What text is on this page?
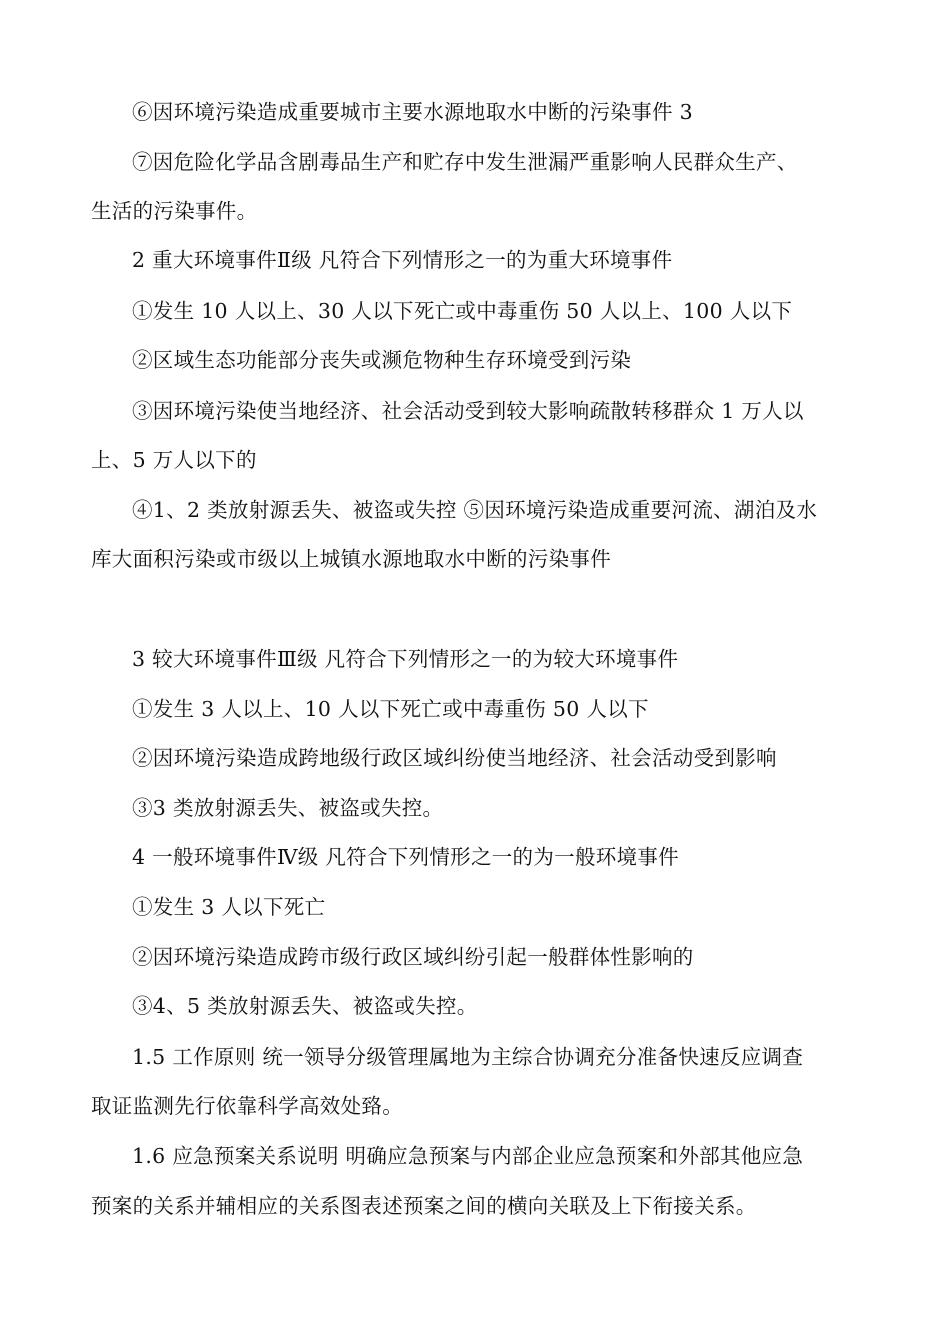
⑥因环境污染造成重要城市主要水源地取水中断的污染事件 3
⑦因危险化学品含剧毒品生产和贮存中发生泄漏严重影响人民群众生产、
生活的污染事件。
2 重大环境事件Ⅱ级 凡符合下列情形之一的为重大环境事件
①发生 10 人以上、30 人以下死亡或中毒重伤 50 人以上、100 人以下
②区域生态功能部分丧失或濒危物种生存环境受到污染
③因环境污染使当地经济、社会活动受到较大影响疏散转移群众 1 万人以
上、5 万人以下的
④1、2 类放射源丢失、被盗或失控 ⑤因环境污染造成重要河流、湖泊及水
库大面积污染或市级以上城镇水源地取水中断的污染事件
3 较大环境事件Ⅲ级 凡符合下列情形之一的为较大环境事件
①发生 3 人以上、10 人以下死亡或中毒重伤 50 人以下
②因环境污染造成跨地级行政区域纠纷使当地经济、社会活动受到影响
③3 类放射源丢失、被盗或失控。
4 一般环境事件Ⅳ级 凡符合下列情形之一的为一般环境事件
①发生 3 人以下死亡
②因环境污染造成跨市级行政区域纠纷引起一般群体性影响的
③4、5 类放射源丢失、被盗或失控。
1.5 工作原则 统一领导分级管理属地为主综合协调充分准备快速反应调查
取证监测先行依靠科学高效处臵。
1.6 应急预案关系说明 明确应急预案与内部企业应急预案和外部其他应急
预案的关系并辅相应的关系图表述预案之间的横向关联及上下衔接关系。
